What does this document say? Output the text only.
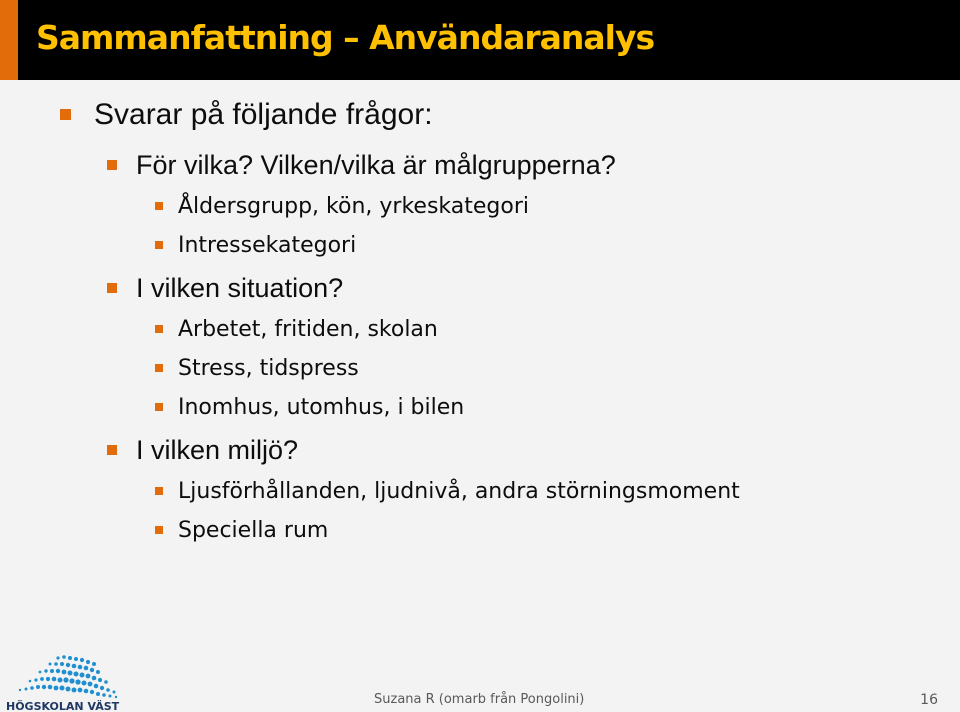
Sammanfattning – Användaranalys
Svarar på följande frågor:
För vilka? Vilken/vilka är målgrupperna?
Åldersgrupp, kön, yrkeskategori
Intressekategori
I vilken situation?
Arbetet, fritiden, skolan
Stress, tidspress
Inomhus, utomhus, i bilen
I vilken miljö?
Ljusförhållanden, ljudnivå, andra störningsmoment
Speciella rum
HÖGSKOLAN VÄST	Suzana R (omarb från Pongolini)	16
